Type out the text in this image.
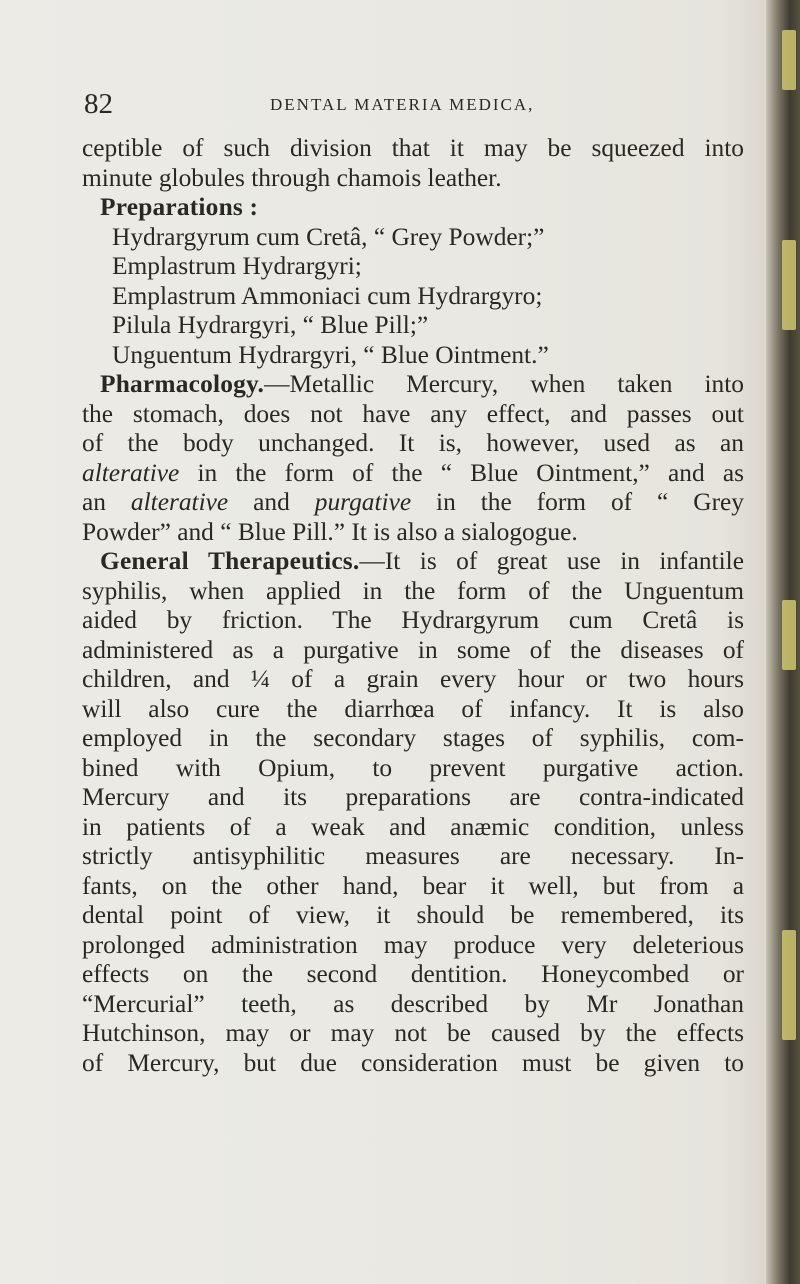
82	DENTAL MATERIA MEDICA,
ceptible of such division that it may be squeezed into
minute globules through chamois leather.
Preparations :
Hydrargyrum cum Cretâ, “ Grey Powder;”
Emplastrum Hydrargyri;
Emplastrum Ammoniaci cum Hydrargyro;
Pilula Hydrargyri, “ Blue Pill;”
Unguentum Hydrargyri, “ Blue Ointment.”
Pharmacology.—Metallic Mercury, when taken into
the stomach, does not have any effect, and passes out
of the body unchanged. It is, however, used as an
alterative in the form of the “ Blue Ointment,” and as
an alterative and purgative in the form of “ Grey
Powder” and “ Blue Pill.” It is also a sialogogue.
General Therapeutics.—It is of great use in infantile
syphilis, when applied in the form of the Unguentum
aided by friction. The Hydrargyrum cum Cretâ is
administered as a purgative in some of the diseases of
children, and ¼ of a grain every hour or two hours
will also cure the diarrhœa of infancy. It is also
employed in the secondary stages of syphilis, com-
bined with Opium, to prevent purgative action.
Mercury and its preparations are contra-indicated
in patients of a weak and anæmic condition, unless
strictly antisyphilitic measures are necessary. In-
fants, on the other hand, bear it well, but from a
dental point of view, it should be remembered, its
prolonged administration may produce very deleterious
effects on the second dentition. Honeycombed or
“Mercurial” teeth, as described by Mr Jonathan
Hutchinson, may or may not be caused by the effects
of Mercury, but due consideration must be given to
